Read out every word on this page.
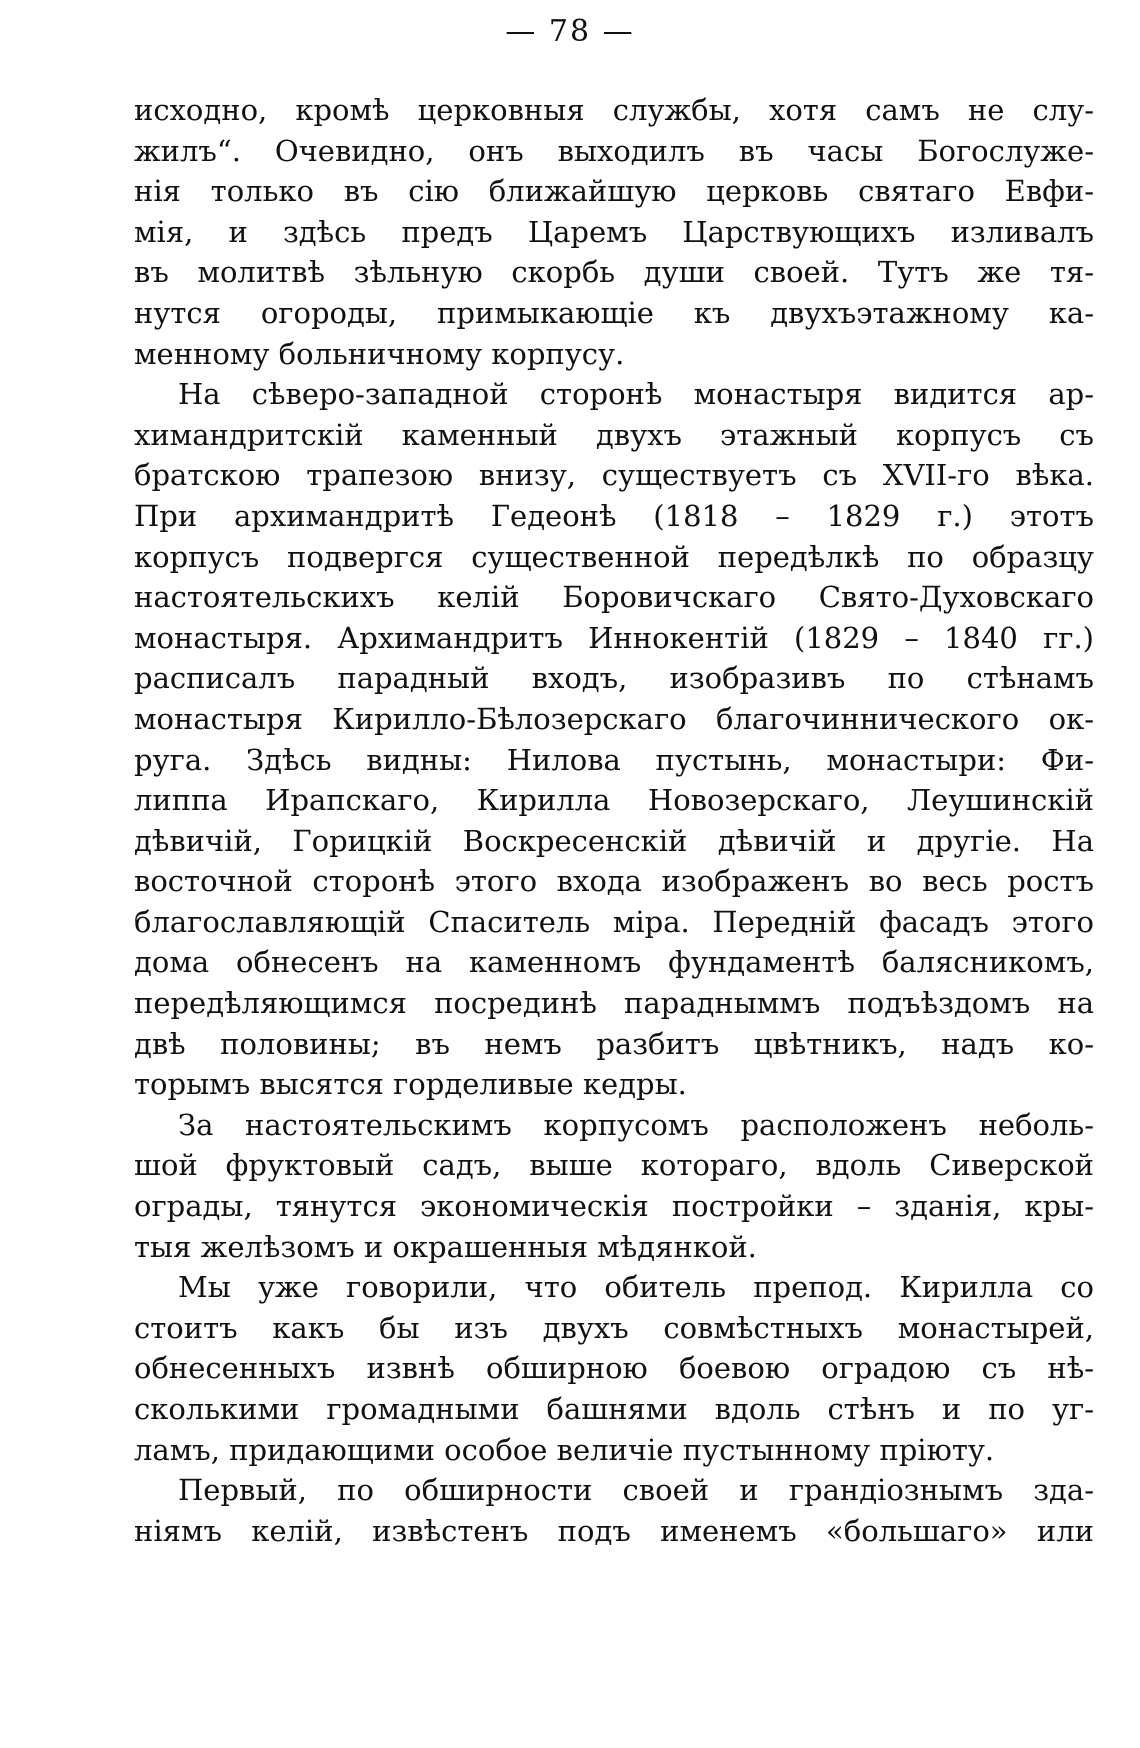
— 78 —
исходно, кромѣ церковныя службы, хотя самъ не слу-
жилъ“. Очевидно, онъ выходилъ въ часы Богослуже-
нія только въ сію ближайшую церковь святаго Евфи-
мія, и здѣсь предъ Царемъ Царствующихъ изливалъ
въ молитвѣ зѣльную скорбь души своей. Тутъ же тя-
нутся огороды, примыкающіе къ двухъэтажному ка-
менному больничному корпусу.
На сѣверо-западной сторонѣ монастыря видится ар-
химандритскій каменный двухъ этажный корпусъ съ
братскою трапезою внизу, существуетъ съ XVII-го вѣка.
При архимандритѣ Гедеонѣ (1818 – 1829 г.) этотъ
корпусъ подвергся существенной передѣлкѣ по образцу
настоятельскихъ келій Боровичскаго Свято-Духовскаго
монастыря. Архимандритъ Иннокентій (1829 – 1840 гг.)
расписалъ парадный входъ, изобразивъ по стѣнамъ
монастыря Кирилло-Бѣлозерскаго благочиннического ок-
руга. Здѣсь видны: Нилова пустынь, монастыри: Фи-
липпа Ирапскаго, Кирилла Новозерскаго, Леушинскій
дѣвичій, Горицкій Воскресенскій дѣвичій и другіе. На
восточной сторонѣ этого входа изображенъ во весь ростъ
благославляющій Спаситель міра. Передній фасадъ этого
дома обнесенъ на каменномъ фундаментѣ балясникомъ,
передѣляющимся посрединѣ парадныммъ подъѣздомъ на
двѣ половины; въ немъ разбитъ цвѣтникъ, надъ ко-
торымъ высятся горделивые кедры.
За настоятельскимъ корпусомъ расположенъ неболь-
шой фруктовый садъ, выше котораго, вдоль Сиверской
ограды, тянутся экономическія постройки – зданія, кры-
тыя желѣзомъ и окрашенныя мѣдянкой.
Мы уже говорили, что обитель препод. Кирилла со
стоитъ какъ бы изъ двухъ совмѣстныхъ монастырей,
обнесенныхъ извнѣ обширною боевою оградою съ нѣ-
сколькими громадными башнями вдоль стѣнъ и по уг-
ламъ, придающими особое величіе пустынному пріюту.
Первый, по обширности своей и грандіознымъ зда-
ніямъ келій, извѣстенъ подъ именемъ «большаго» или
